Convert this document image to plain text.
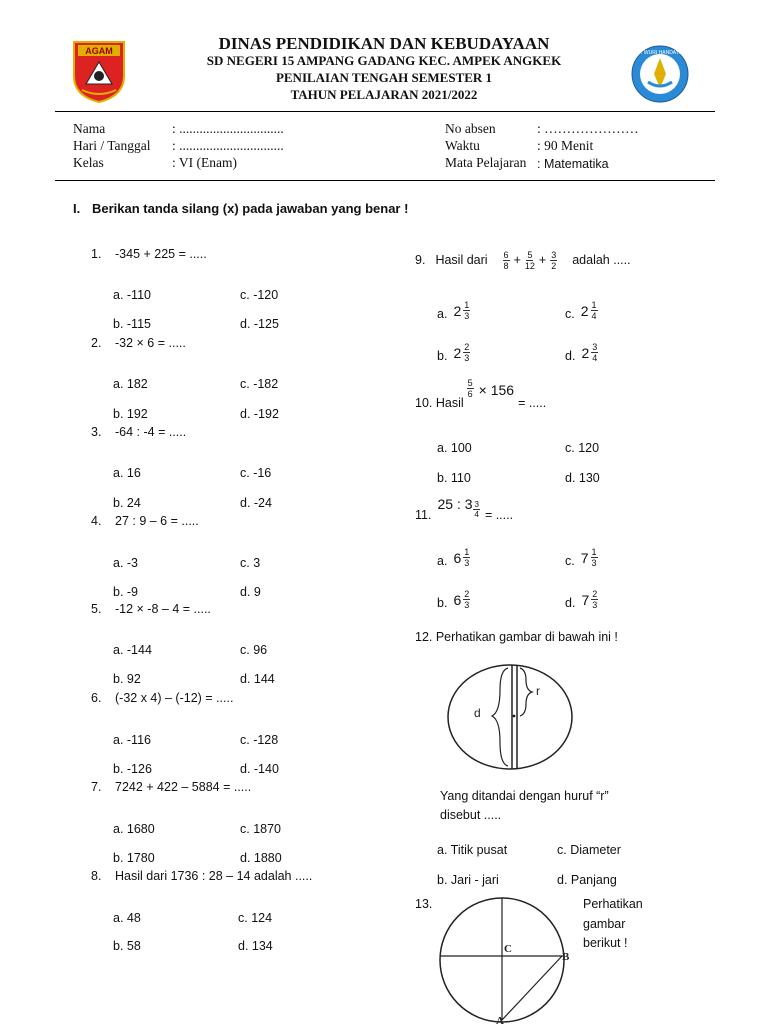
AGAM	TUT WURI HANDAYANI
DINAS PENDIDIKAN DAN KEBUDAYAAN
SD NEGERI 15 AMPANG GADANG KEC. AMPEK ANGKEK
PENILAIAN TENGAH SEMESTER 1
TAHUN PELAJARAN 2021/2022
Nama	: ...............................
Hari / Tanggal : ...............................
Kelas	: VI (Enam)
No absen	: …………………
Waktu	: 90 Menit
Mata Pelajaran : Matematika
I. Berikan tanda silang (x) pada jawaban yang benar !
1. -345 + 225 = .....
a. -110
b. -115
c. -120
d. -125
2. -32 × 6 = .....
a. 182
b. 192
c. -182
d. -192
3. -64 : -4 = .....
a. 16
b. 24
c. -16
d. -24
4. 27 : 9 – 6 = .....
a. -3
b. -9
c. 3
d. 9
5. -12 × -8 – 4 = .....
a. -144
b. 92
c. 96
d. 144
6. (-32 x 4) – (-12) = .....
a. -116
b. -126
c. -128
d. -140
7. 7242 + 422 – 5884 = .....
a. 1680
b. 1780
c. 1870
d. 1880
8. Hasil dari 1736 : 28 – 14 adalah .....
a. 48
b. 58
c. 124
d. 134
9. Hasil dari $\frac{6}{8} + \frac{5}{12} + \frac{3}{2}$ adalah .....
a. $2 \frac{1}{3}$
b. $2 \frac{2}{3}$
c. $2 \frac{1}{4}$
d. $2 \frac{3}{4}$
10. Hasil
$\frac{5}{6} \times 156$
= .....
a. 100
b. 110
c. 120
d. 130
11.
25 : $3 \frac{3}{4}$ = .....
a. $6 \frac{1}{3}$
b. $6 \frac{2}{3}$
c. $7 \frac{1}{3}$
d. $7 \frac{2}{3}$
12. Perhatikan gambar di bawah ini !
d
r
Yang ditandai dengan huruf “r”
disebut .....
a. Titik pusat
b. Jari - jari
c. Diameter
d. Panjang
13.
C
B
A
Perhatikan
gambar
berikut !
